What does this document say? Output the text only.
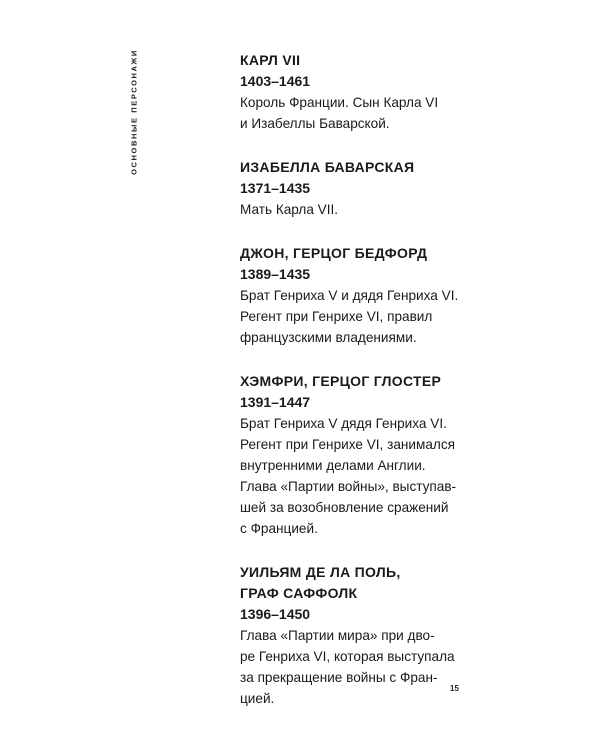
ОСНОВНЫЕ ПЕРСОНАЖИ	КАРЛ VII

1403–1461

Король Франции. Сын Карла VI
и Изабеллы Баварской.

ИЗАБЕЛЛА БАВАРСКАЯ

1371–1435

Мать Карла VII.

ДЖОН, ГЕРЦОГ БЕДФОРД

1389–1435

Брат Генриха V и дядя Генриха VI.
Регент при Генрихе VI, правил
французскими владениями.

ХЭМФРИ, ГЕРЦОГ ГЛОСТЕР

1391–1447

Брат Генриха V дядя Генриха VI.
Регент при Генрихе VI, занимался
внутренними делами Англии.
Глава «Партии войны», выступав-
шей за возобновление сражений
с Францией.

УИЛЬЯМ ДЕ ЛА ПОЛЬ,
ГРАФ САФФОЛК

1396–1450

Глава «Партии мира» при дво-
ре Генриха VI, которая выступала
за прекращение войны с Фран-
цией.

15
